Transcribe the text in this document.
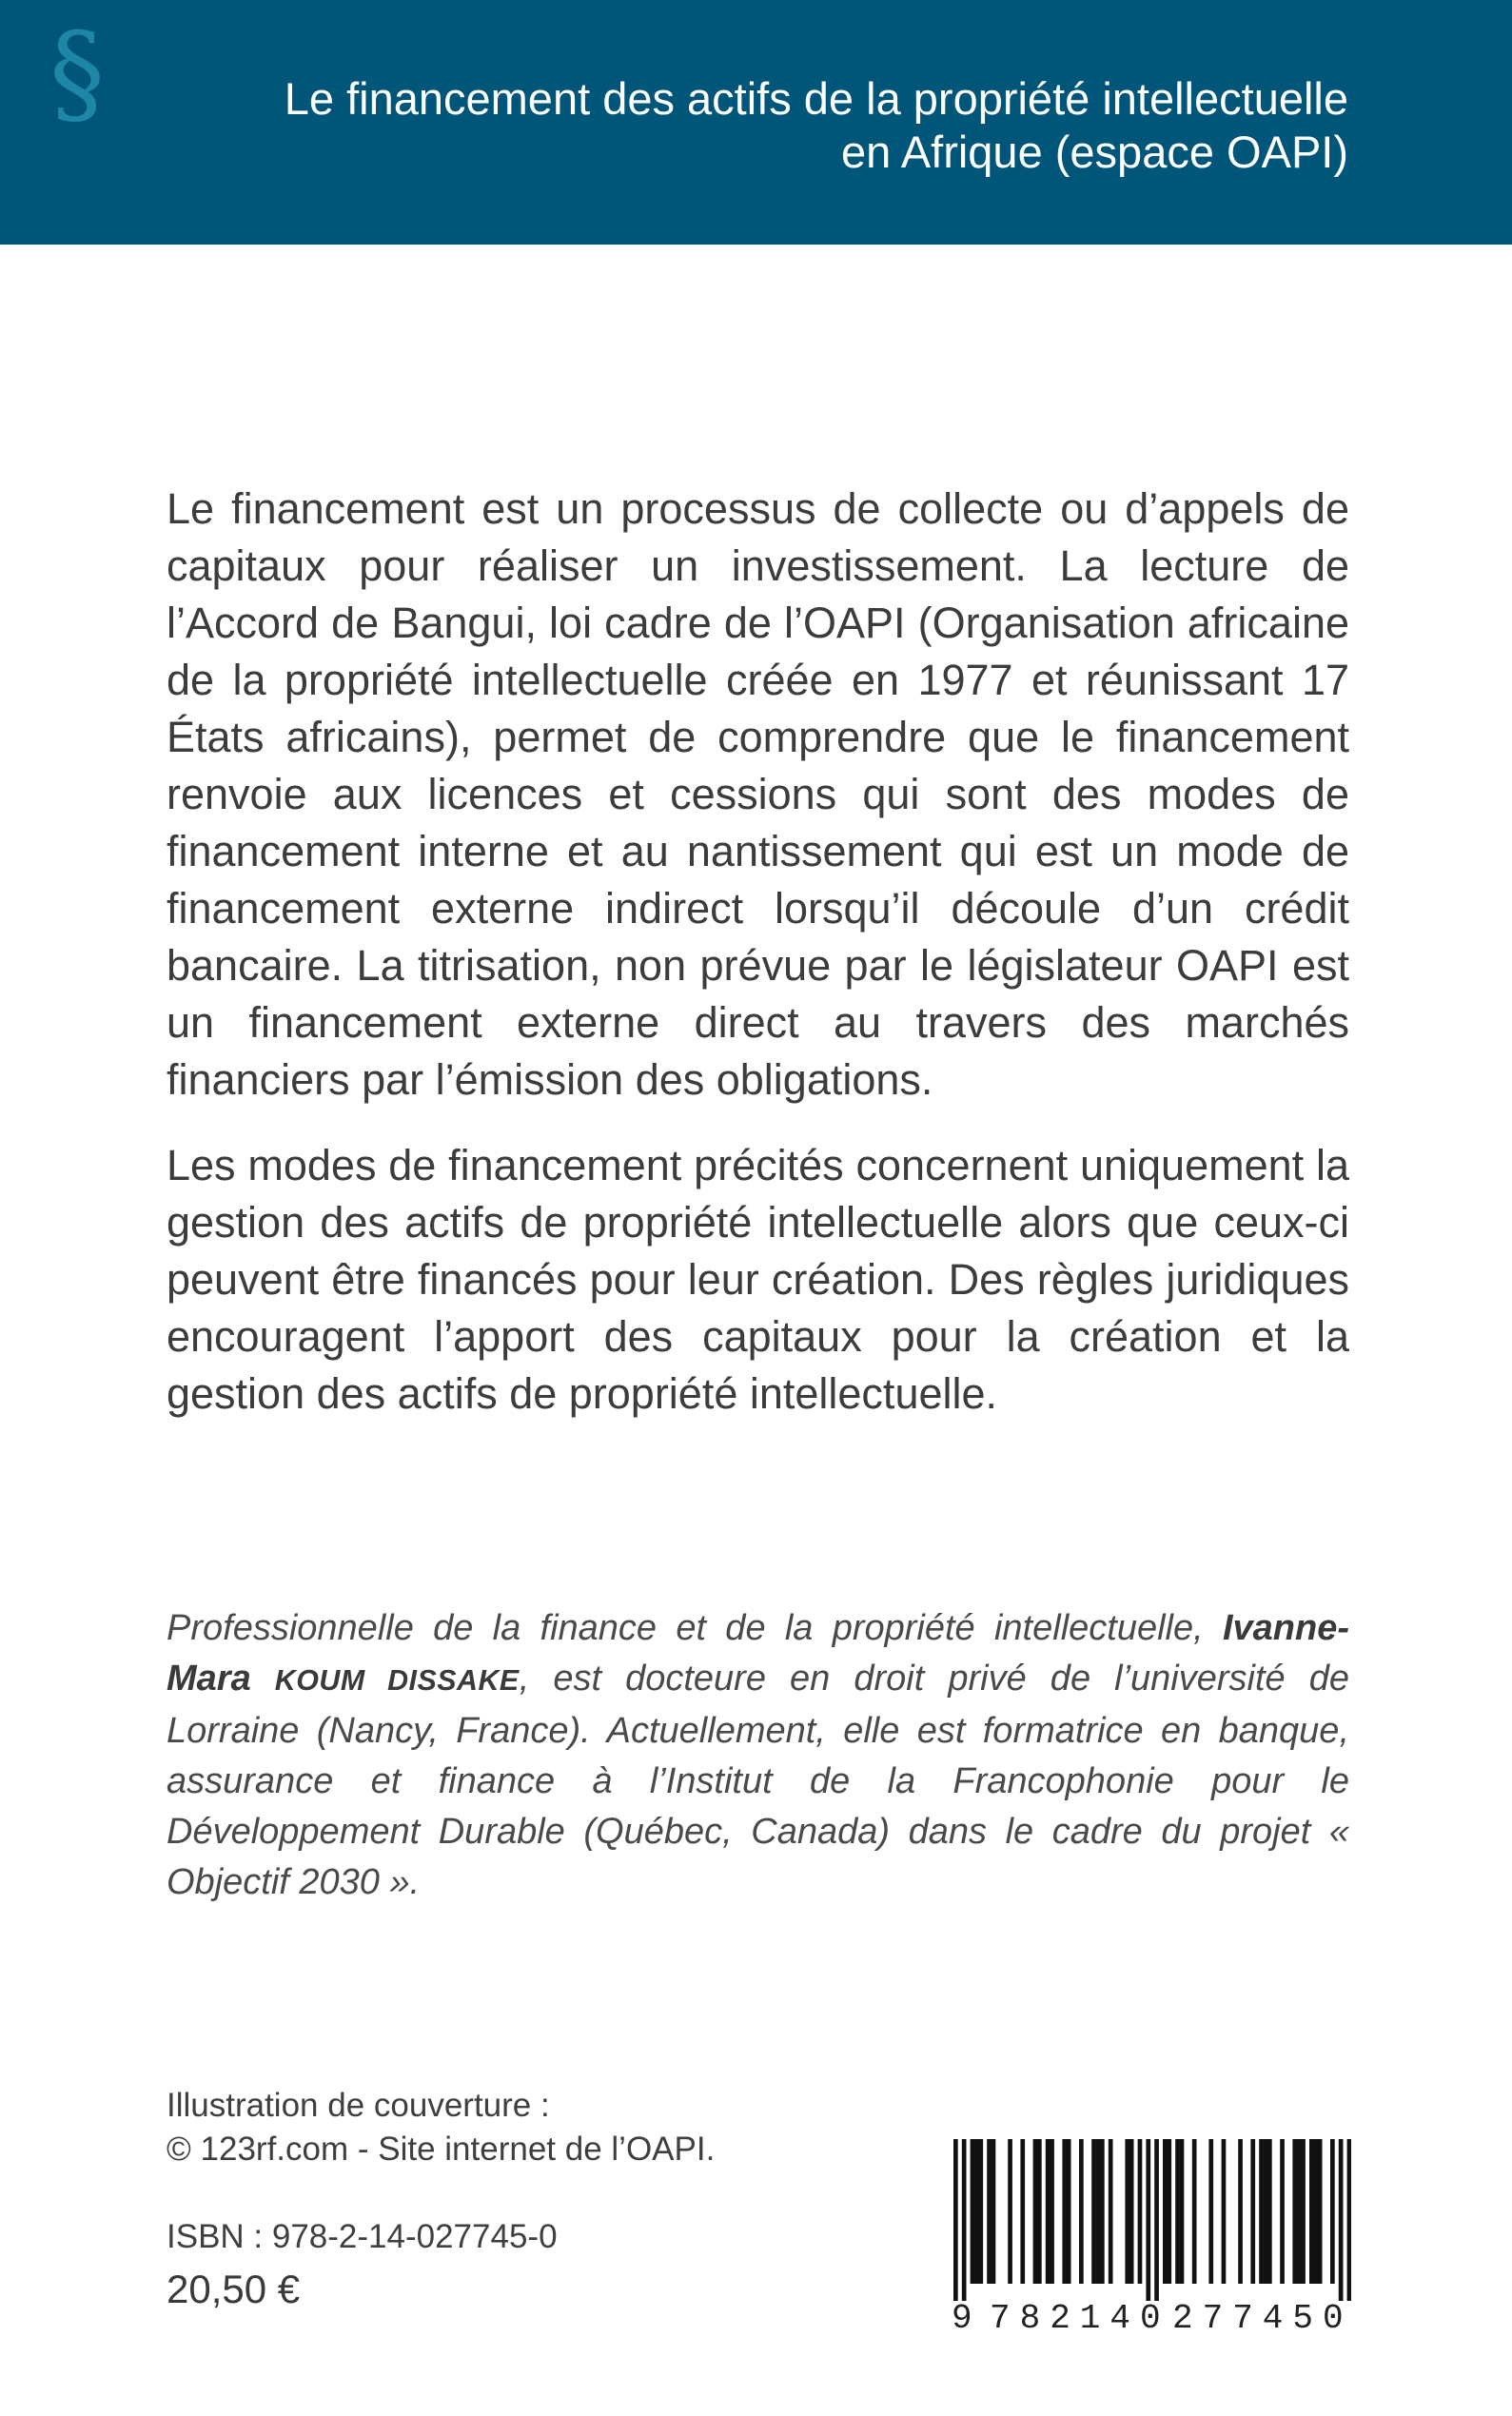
§	Le financement des actifs de la propriété intellectuelle
en Afrique (espace OAPI)

Le financement est un processus de collecte ou d’appels de capitaux pour réaliser un investissement. La lecture de l’Accord de Bangui, loi cadre de l’OAPI (Organisation africaine de la propriété intellectuelle créée en 1977 et réunissant 17 États africains), permet de comprendre que le financement renvoie aux licences et cessions qui sont des modes de financement interne et au nantissement qui est un mode de financement externe indirect lorsqu’il découle d’un crédit bancaire. La titrisation, non prévue par le législateur OAPI est un financement externe direct au travers des marchés financiers par l’émission des obligations.

Les modes de financement précités concernent uniquement la gestion des actifs de propriété intellectuelle alors que ceux-ci peuvent être financés pour leur création. Des règles juridiques encouragent l’apport des capitaux pour la création et la gestion des actifs de propriété intellectuelle.

Professionnelle de la finance et de la propriété intellectuelle, Ivanne-Mara KOUM DISSAKE, est docteure en droit privé de l’université de Lorraine (Nancy, France). Actuellement, elle est formatrice en banque, assurance et finance à l’Institut de la Francophonie pour le Développement Durable (Québec, Canada) dans le cadre du projet « Objectif 2030 ».

Illustration de couverture :
© 123rf.com - Site internet de l’OAPI.
ISBN : 978-2-14-027745-0
20,50 €
9 782140 277450
